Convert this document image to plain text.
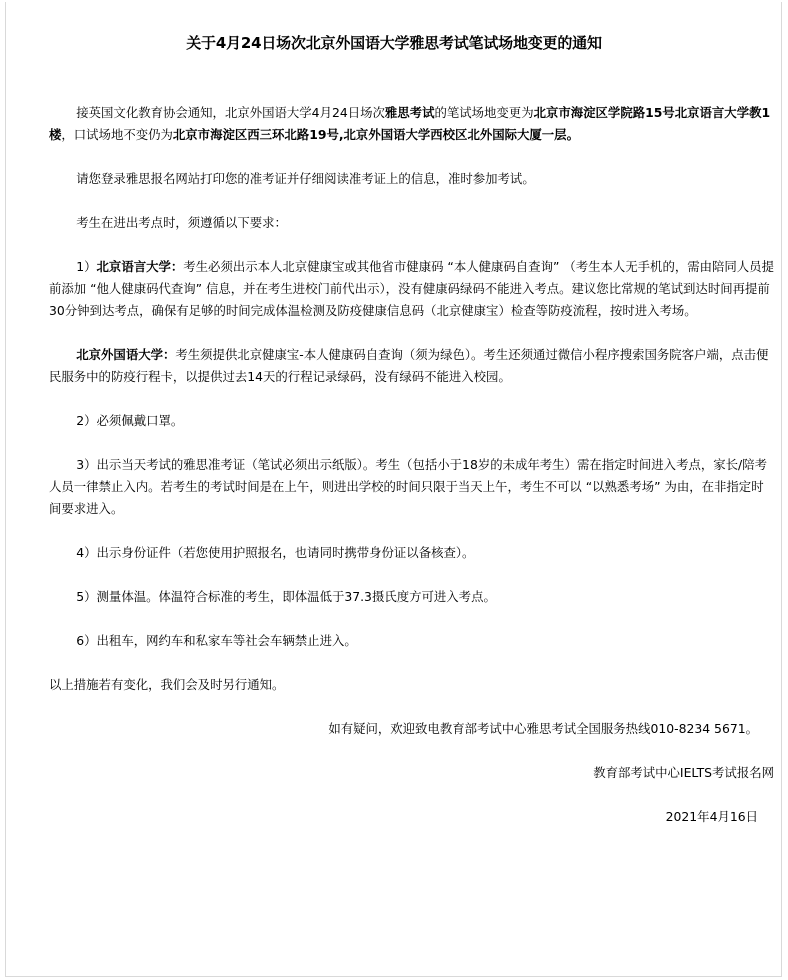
关于4月24日场次北京外国语大学雅思考试笔试场地变更的通知

接英国文化教育协会通知，北京外国语大学4月24日场次雅思考试的笔试场地变更为北京市海淀区学院路15号北京语言大学教1楼，口试场地不变仍为北京市海淀区西三环北路19号,北京外国语大学西校区北外国际大厦一层。

请您登录雅思报名网站打印您的准考证并仔细阅读准考证上的信息，准时参加考试。

考生在进出考点时，须遵循以下要求：

1）北京语言大学：考生必须出示本人北京健康宝或其他省市健康码 “本人健康码自查询” （考生本人无手机的，需由陪同人员提前添加 “他人健康码代查询” 信息，并在考生进校门前代出示），没有健康码绿码不能进入考点。建议您比常规的笔试到达时间再提前30分钟到达考点，确保有足够的时间完成体温检测及防疫健康信息码（北京健康宝）检查等防疫流程，按时进入考场。

北京外国语大学：考生须提供北京健康宝-本人健康码自查询（须为绿色）。考生还须通过微信小程序搜索国务院客户端，点击便民服务中的防疫行程卡，以提供过去14天的行程记录绿码，没有绿码不能进入校园。

2）必须佩戴口罩。

3）出示当天考试的雅思准考证（笔试必须出示纸版）。考生（包括小于18岁的未成年考生）需在指定时间进入考点，家长/陪考人员一律禁止入内。若考生的考试时间是在上午，则进出学校的时间只限于当天上午，考生不可以 “以熟悉考场” 为由，在非指定时间要求进入。

4）出示身份证件（若您使用护照报名，也请同时携带身份证以备核查）。

5）测量体温。体温符合标准的考生，即体温低于37.3摄氏度方可进入考点。

6）出租车，网约车和私家车等社会车辆禁止进入。

以上措施若有变化，我们会及时另行通知。

如有疑问，欢迎致电教育部考试中心雅思考试全国服务热线010-8234 5671。

教育部考试中心IELTS考试报名网

2021年4月16日
